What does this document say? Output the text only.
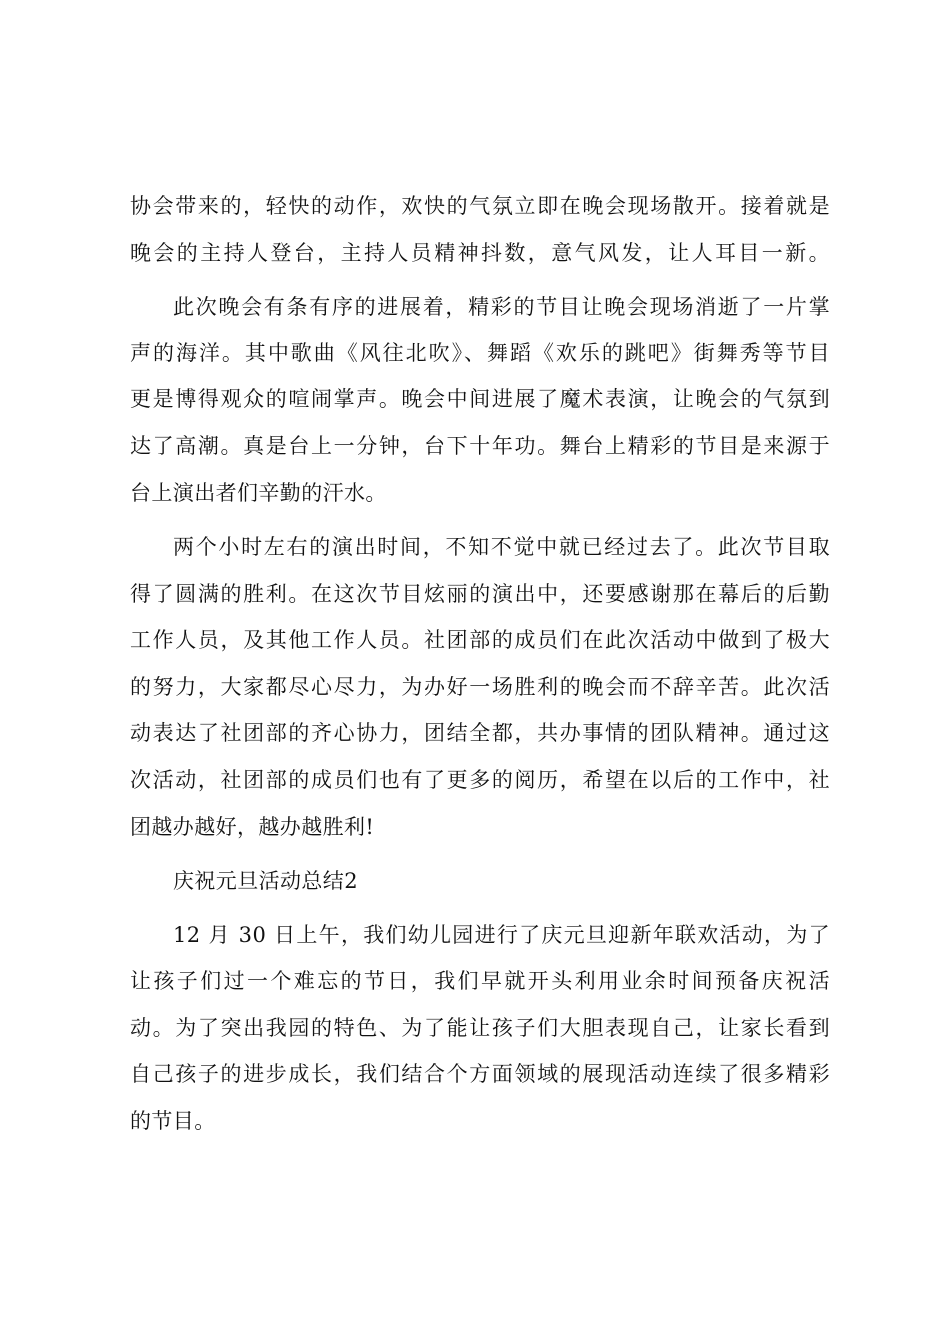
协会带来的，轻快的动作，欢快的气氛立即在晚会现场散开。接着就是
晚会的主持人登台，主持人员精神抖数，意气风发，让人耳目一新。
此次晚会有条有序的进展着，精彩的节目让晚会现场消逝了一片掌
声的海洋。其中歌曲《风往北吹》、舞蹈《欢乐的跳吧》街舞秀等节目
更是博得观众的喧闹掌声。晚会中间进展了魔术表演，让晚会的气氛到
达了高潮。真是台上一分钟，台下十年功。舞台上精彩的节目是来源于
台上演出者们辛勤的汗水。
两个小时左右的演出时间，不知不觉中就已经过去了。此次节目取
得了圆满的胜利。在这次节目炫丽的演出中，还要感谢那在幕后的后勤
工作人员，及其他工作人员。社团部的成员们在此次活动中做到了极大
的努力，大家都尽心尽力，为办好一场胜利的晚会而不辞辛苦。此次活
动表达了社团部的齐心协力，团结全都，共办事情的团队精神。通过这
次活动，社团部的成员们也有了更多的阅历，希望在以后的工作中，社
团越办越好，越办越胜利!
庆祝元旦活动总结2
12 月 30 日上午，我们幼儿园进行了庆元旦迎新年联欢活动，为了
让孩子们过一个难忘的节日，我们早就开头利用业余时间预备庆祝活
动。为了突出我园的特色、为了能让孩子们大胆表现自己，让家长看到
自己孩子的进步成长，我们结合个方面领域的展现活动连续了很多精彩
的节目。
